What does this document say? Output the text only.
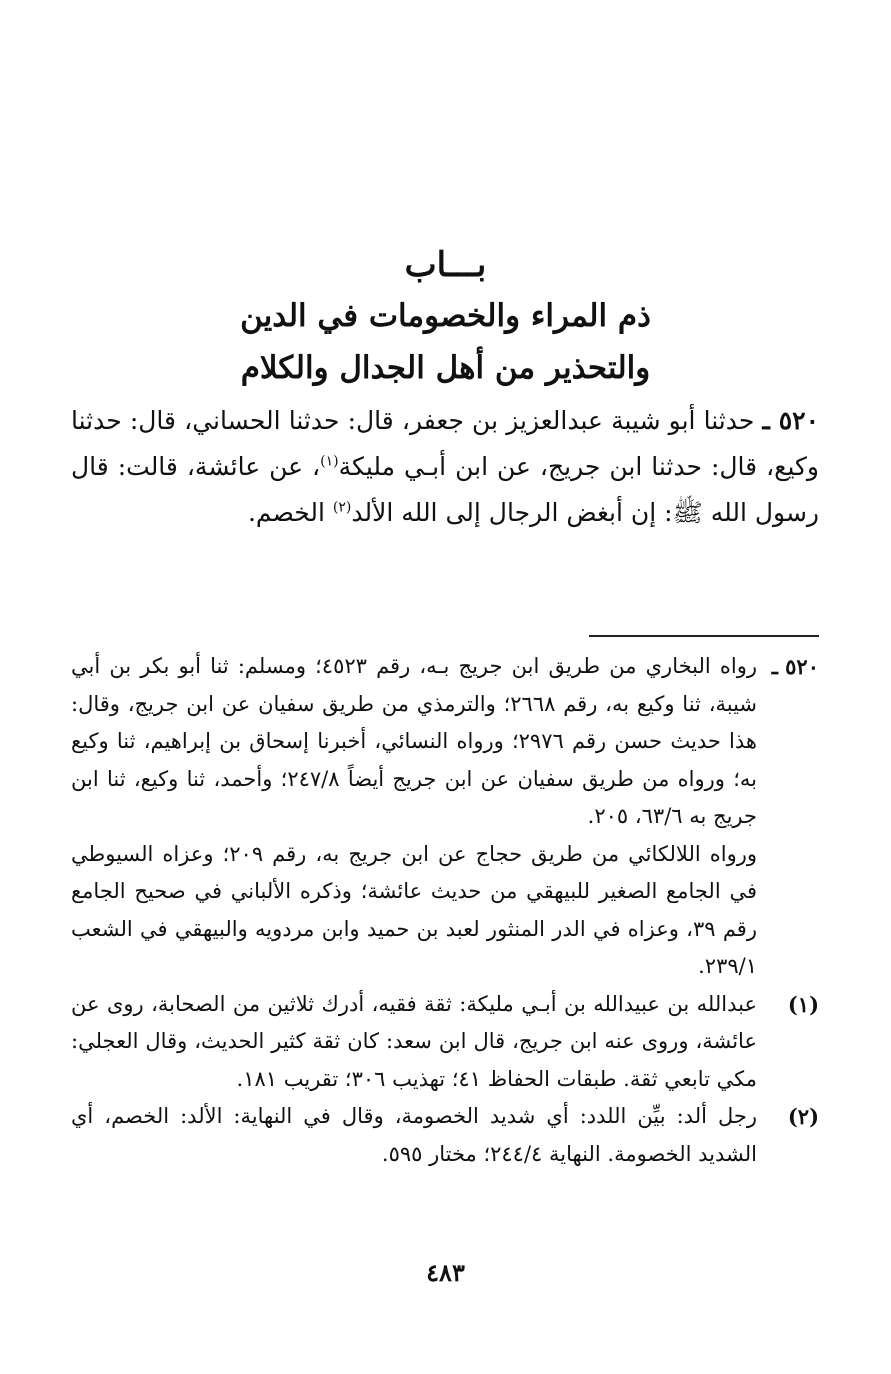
بـــاب
ذم المراء والخصومات في الدين
والتحذير من أهل الجدال والكلام

٥٢٠ ـ حدثنا أبو شيبة عبدالعزيز بن جعفر، قال: حدثنا الحساني، قال: حدثنا وكيع، قال: حدثنا ابن جريج، عن ابن أبـي مليكة$^{(١)}$، عن عائشة، قالت: قال رسول الله ﷺ: إن أبغض الرجال إلى الله الألد$^{(٢)}$ الخصم.

٥٢٠ ـ

رواه البخاري من طريق ابن جريج بـه، رقم ٤٥٢٣؛ ومسلم: ثنا أبو بكر بن أبي شيبة، ثنا وكيع به، رقم ٢٦٦٨؛ والترمذي من طريق سفيان عن ابن جريج، وقال: هذا حديث حسن رقم ٢٩٧٦؛ ورواه النسائي، أخبرنا إسحاق بن إبراهيم، ثنا وكيع به؛ ورواه من طريق سفيان عن ابن جريج أيضاً ٢٤٧/٨؛ وأحمد، ثنا وكيع، ثنا ابن جريج به ٦٣/٦، ٢٠٥.

ورواه اللالكائي من طريق حجاج عن ابن جريج به، رقم ٢٠٩؛ وعزاه السيوطي في الجامع الصغير للبيهقي من حديث عائشة؛ وذكره الألباني في صحيح الجامع رقم ٣٩، وعزاه في الدر المنثور لعبد بن حميد وابن مردويه والبيهقي في الشعب ٢٣٩/١.

(١)

عبدالله بن عبيدالله بن أبـي مليكة: ثقة فقيه، أدرك ثلاثين من الصحابة، روى عن عائشة، وروى عنه ابن جريج، قال ابن سعد: كان ثقة كثير الحديث، وقال العجلي: مكي تابعي ثقة. طبقات الحفاظ ٤١؛ تهذيب ٣٠٦؛ تقريب ١٨١.

(٢)

رجل ألد: بيِّن اللدد: أي شديد الخصومة، وقال في النهاية: الألد: الخصم، أي الشديد الخصومة. النهاية ٢٤٤/٤؛ مختار ٥٩٥.

٤٨٣
